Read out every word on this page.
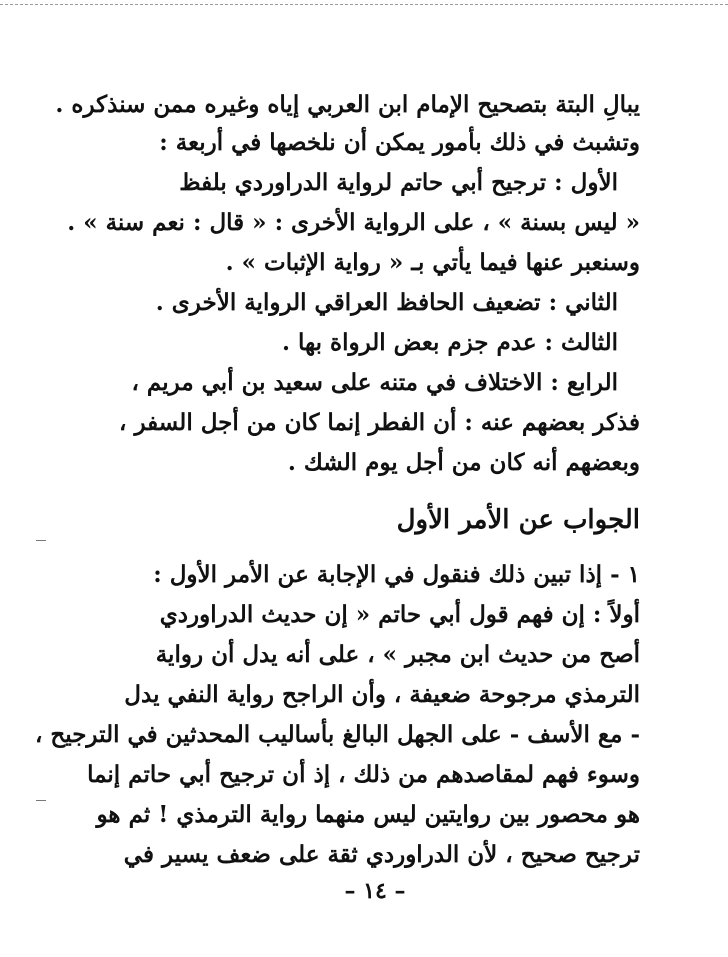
يبالِ البتة بتصحيح الإمام ابن العربي إياه وغيره ممن سنذكره .
وتشبث في ذلك بأمور يمكن أن نلخصها في أربعة :
الأول : ترجيح أبي حاتم لرواية الدراوردي بلفظ
« ليس بسنة » ، على الرواية الأخرى : « قال : نعم سنة » .
وسنعبر عنها فيما يأتي بـ « رواية الإثبات » .
الثاني : تضعيف الحافظ العراقي الرواية الأخرى .
الثالث : عدم جزم بعض الرواة بها .
الرابع : الاختلاف في متنه على سعيد بن أبي مريم ،
فذكر بعضهم عنه : أن الفطر إنما كان من أجل السفر ،
وبعضهم أنه كان من أجل يوم الشك .
الجواب عن الأمر الأول
١ - إذا تبين ذلك فنقول في الإجابة عن الأمر الأول :
أولاً : إن فهم قول أبي حاتم « إن حديث الدراوردي
أصح من حديث ابن مجبر » ، على أنه يدل أن رواية
الترمذي مرجوحة ضعيفة ، وأن الراجح رواية النفي يدل
- مع الأسف - على الجهل البالغ بأساليب المحدثين في الترجيح ،
وسوء فهم لمقاصدهم من ذلك ، إذ أن ترجيح أبي حاتم إنما
هو محصور بين روايتين ليس منهما رواية الترمذي ! ثم هو
ترجيح صحيح ، لأن الدراوردي ثقة على ضعف يسير في
– ١٤ –
